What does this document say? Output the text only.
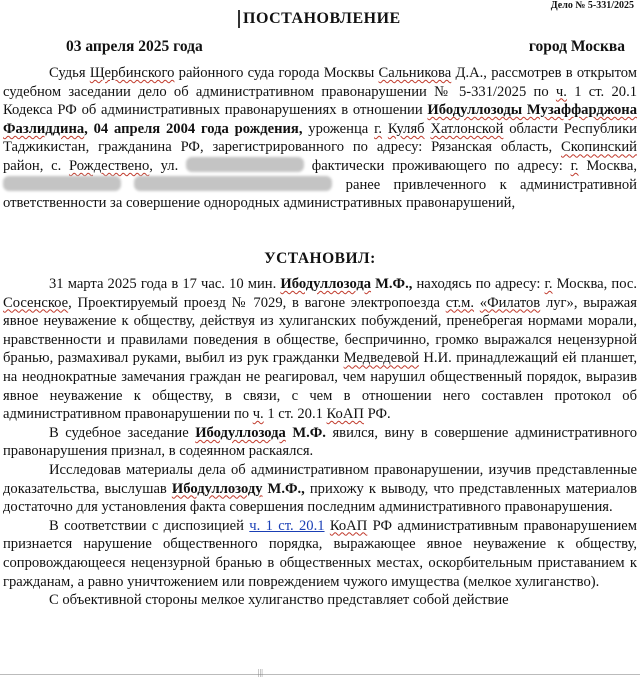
Дело № 5-331/2025
ПОСТАНОВЛЕНИЕ
03 апреля 2025 года	город Москва

Судья Щербинского районного суда города Москвы Сальникова Д.А., рассмотрев в открытом судебном заседании дело об административном правонарушении № 5-331/2025 по ч. 1 ст. 20.1 Кодекса РФ об административных правонарушениях в отношении Ибодуллозоды Музаффарджона Фазлиддина, 04 апреля 2004 года рождения, уроженца г. Куляб Хатлонской области Республики Таджикистан, гражданина РФ, зарегистрированного по адресу: Рязанская область, Скопинский район, с. Рождествено, ул.	фактически проживающего по адресу: г. Москва,   ранее привлеченного к административной ответственности за совершение однородных административных правонарушений,

УСТАНОВИЛ:

31 марта 2025 года в 17 час. 10 мин. Ибодуллозода М.Ф., находясь по адресу: г. Москва, пос. Сосенское, Проектируемый проезд № 7029, в вагоне электропоезда ст.м. «Филатов луг», выражая явное неуважение к обществу, действуя из хулиганских побуждений, пренебрегая нормами морали, нравственности и правилами поведения в обществе, беспричинно, громко выражался нецензурной бранью, размахивал руками, выбил из рук гражданки Медведевой Н.И. принадлежащий ей планшет, на неоднократные замечания граждан не реагировал, чем нарушил общественный порядок, выразив явное неуважение к обществу, в связи, с чем в отношении него составлен протокол об административном правонарушении по ч. 1 ст. 20.1 КоАП РФ.

В судебное заседание Ибодуллозода М.Ф. явился, вину в совершение административного правонарушения признал, в содеянном раскаялся.

Исследовав материалы дела об административном правонарушении, изучив представленные доказательства, выслушав Ибодуллозоду М.Ф., прихожу к выводу, что представленных материалов достаточно для установления факта совершения последним административного правонарушения.

В соответствии с диспозицией ч. 1 ст. 20.1 КоАП РФ административным правонарушением признается нарушение общественного порядка, выражающее явное неуважение к обществу, сопровождающееся нецензурной бранью в общественных местах, оскорбительным приставанием к гражданам, а равно уничтожением или повреждением чужого имущества (мелкое хулиганство).

С объективной стороны мелкое хулиганство представляет собой действие

|||
